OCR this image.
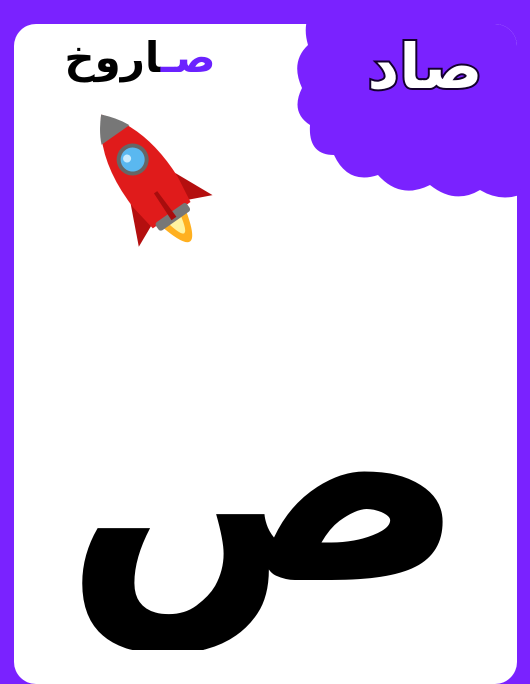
صاد
صـاروخ
ص
